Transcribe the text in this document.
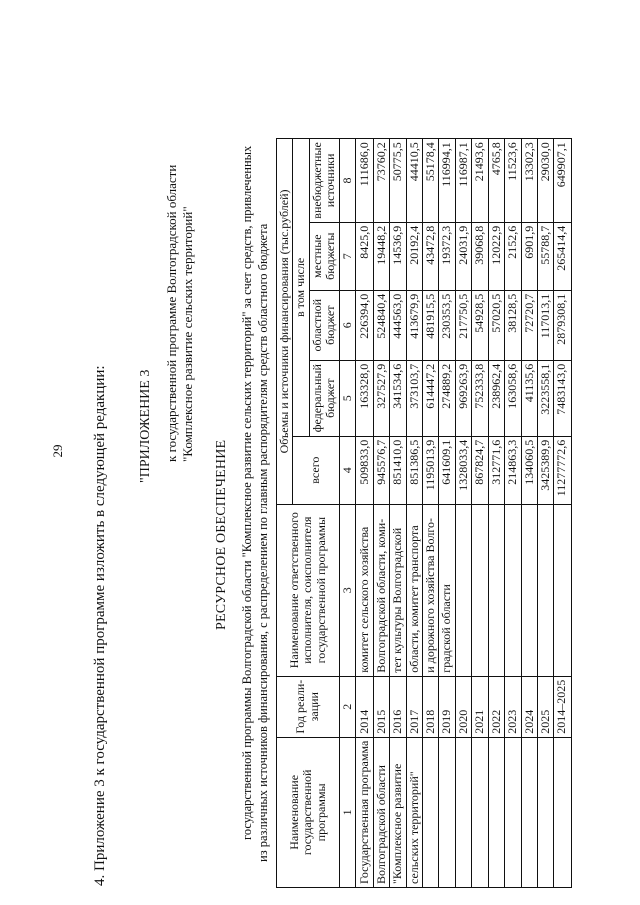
29 4. Приложение 3 к государственной программе изложить в следующей редакции: "ПРИЛОЖЕНИЕ 3 к государственной программе Волгоградской области "Комплексное развитие сельских территорий"
РЕСУРСНОЕ ОБЕСПЕЧЕНИЕ государственной программы Волгоградской области "Комплексное развитие сельских территорий" за счет средств, привлеченных из различных источников финансирования, с распределением по главным распорядителям средств областного бюджета Наименование государственной программы	Год реали-зации	Наименование ответственного исполнителя, соисполнителя государственной программы	Объемы и источники финансирования (тыс.рублей)				
			всего	в том числе			
				федеральный бюджет	областной бюджет	местные бюджеты	внебюджетные источники
1	2	3	4	5	6	7	8
Государственная программа	2014	комитет сельского хозяйства	509833,0	163328,0	226394,0	8425,0	111686,0
Волгоградской области	2015	Волгоградской области, коми-	945576,7	327527,9	524840,4	19448,2	73760,2
"Комплексное развитие	2016	тет культуры Волгоградской	851410,0	341534,6	444563,0	14536,9	50775,5
сельских территорий"	2017	области, комитет транспорта	851386,5	373103,7	413679,9	20192,4	44410,5
	2018	и дорожного хозяйства Волго-	1195013,9	614447,2	481915,5	43472,8	55178,4
	2019	градской области	641609,1	274889,2	230353,5	19372,3	116994,1
	2020		1328033,4	969263,9	217750,5	24031,9	116987,1
	2021		867824,7	752333,8	54928,5	39068,8	21493,6
	2022		312771,6	238962,4	57020,5	12022,9	4765,8
	2023		214863,3	163058,6	38128,5	2152,6	11523,6
	2024		134060,5	41135,6	72720,7	6901,9	13302,3
	2025		3425389,9	3223558,1	117013,1	55788,7	29030,0
	2014–2025		11277772,6	7483143,0	2879308,1	265414,4	649907,1
